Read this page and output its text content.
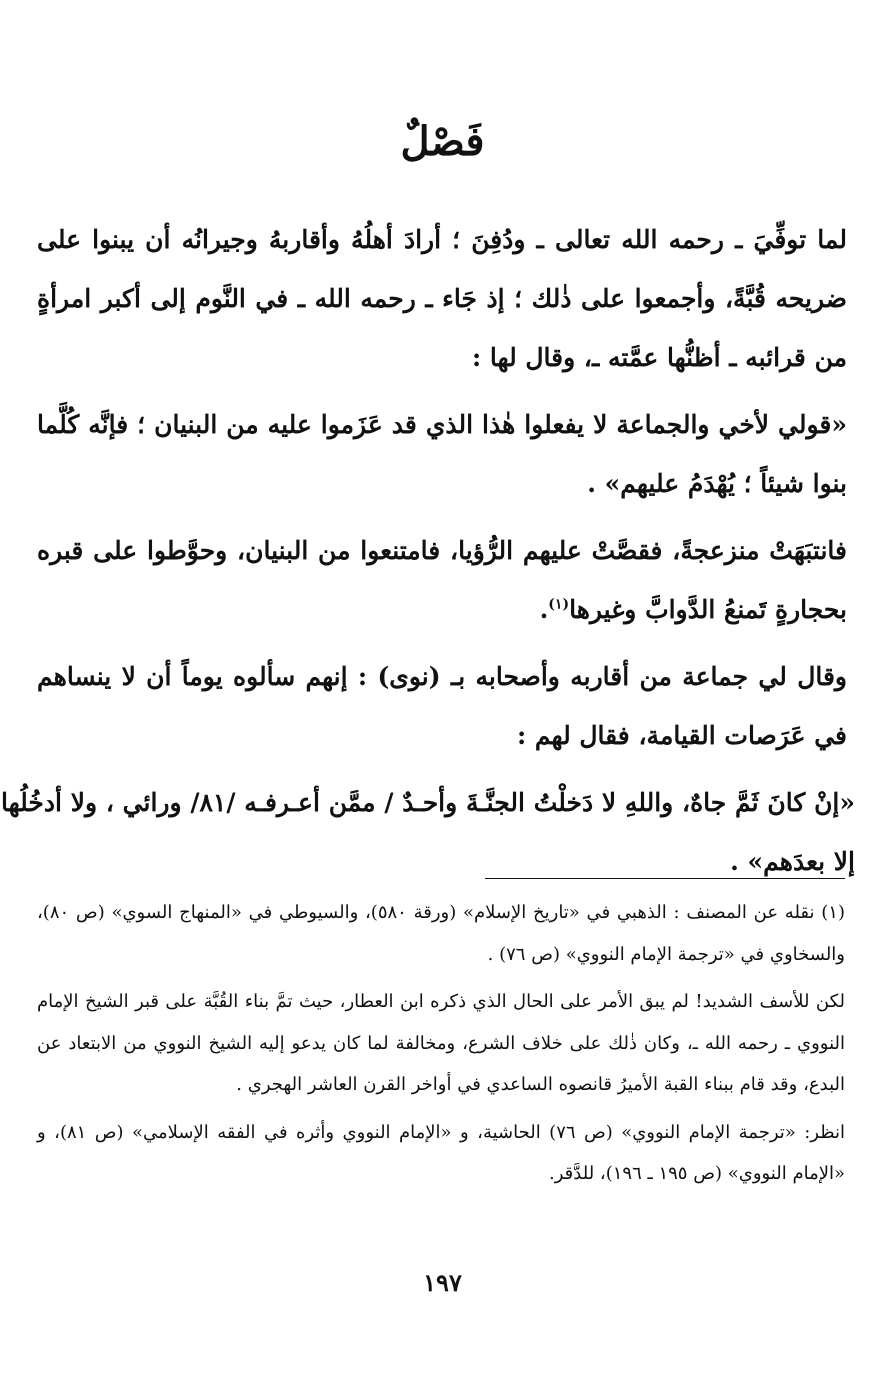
فَصْلٌ

لما توفِّيَ ـ رحمه الله تعالى ـ ودُفِنَ ؛ أرادَ أهلُهُ وأقاربهُ وجيرانُه أن يبنوا على ضريحه قُبَّةً، وأجمعوا على ذٰلك ؛ إذ جَاء ـ رحمه الله ـ في النَّوم إلى أكبر امرأةٍ من قرائبه ـ أظنُّها عمَّته ـ، وقال لها :

«قولي لأخي والجماعة لا يفعلوا هٰذا الذي قد عَزَموا عليه من البنيان ؛ فإنَّه كُلَّما بنوا شيئاً ؛ يُهْدَمُ عليهم» .

فانتبَهَتْ منزعجةً، فقصَّتْ عليهم الرُّؤيا، فامتنعوا من البنيان، وحوَّطوا على قبره بحجارةٍ تَمنعُ الدَّوابَّ وغيرها$^{(١)}$.

وقال لي جماعة من أقاربه وأصحابه بـ (نوى) : إنهم سألوه يوماً أن لا ينساهم في عَرَصات القيامة، فقال لهم :

«إنْ كانَ ثَمَّ جاهٌ، واللهِ لا دَخلْتُ الجنَّـةَ وأحـدٌ / ممَّن أعـرفـه /٨١/ ورائي ، ولا أدخُلُها إلا بعدَهم» .

(١) نقله عن المصنف : الذهبي في «تاريخ الإسلام» (ورقة ٥٨٠)، والسيوطي في «المنهاج السوي» (ص ٨٠)، والسخاوي في «ترجمة الإمام النووي» (ص ٧٦) .

لكن للأسف الشديد! لم يبق الأمر على الحال الذي ذكره ابن العطار، حيث تمَّ بناء القُبَّة على قبر الشيخ الإمام النووي ـ رحمه الله ـ، وكان ذٰلك على خلاف الشرع، ومخالفة لما كان يدعو إليه الشيخ النووي من الابتعاد عن البدع، وقد قام ببناء القبة الأميرُ قانصوه الساعدي في أواخر القرن العاشر الهجري .

انظر: «ترجمة الإمام النووي» (ص ٧٦) الحاشية، و «الإمام النووي وأثره في الفقه الإسلامي» (ص ٨١)، و «الإمام النووي» (ص ١٩٥ ـ ١٩٦)، للدَّقر.

١٩٧
